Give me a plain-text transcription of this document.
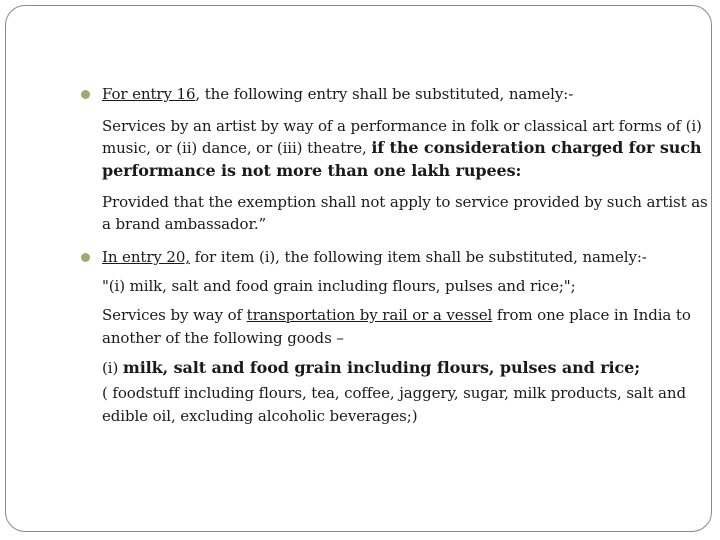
For entry 16, the following entry shall be substituted, namely:-
Services by an artist by way of a performance in folk or classical art forms of (i)
music, or (ii) dance, or (iii) theatre, if the consideration charged for such
performance is not more than one lakh rupees:
Provided that the exemption shall not apply to service provided by such artist as
a brand ambassador.”
In entry 20, for item (i), the following item shall be substituted, namely:-
"(i) milk, salt and food grain including flours, pulses and rice;";
Services by way of transportation by rail or a vessel from one place in India to
another of the following goods –
(i) milk, salt and food grain including flours, pulses and rice;
( foodstuff including flours, tea, coffee, jaggery, sugar, milk products, salt and
edible oil, excluding alcoholic beverages;)
